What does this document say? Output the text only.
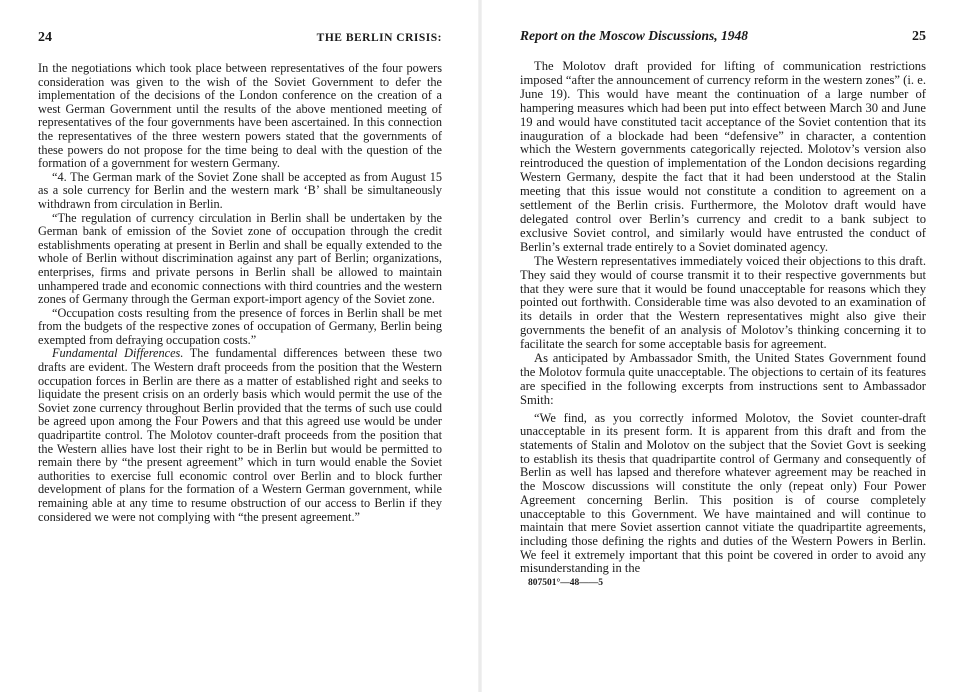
24	THE BERLIN CRISIS:

In the negotiations which took place between representatives of the four powers consideration was given to the wish of the Soviet Government to defer the implementation of the decisions of the London conference on the creation of a west German Government until the results of the above mentioned meeting of representatives of the four governments have been ascertained. In this connection the representatives of the three western powers stated that the governments of these powers do not propose for the time being to deal with the question of the formation of a government for western Germany.

“4. The German mark of the Soviet Zone shall be accepted as from August 15 as a sole currency for Berlin and the western mark ‘B’ shall be simultaneously withdrawn from circulation in Berlin.

“The regulation of currency circulation in Berlin shall be undertaken by the German bank of emission of the Soviet zone of occupation through the credit establishments operating at present in Berlin and shall be equally extended to the whole of Berlin without discrimination against any part of Berlin; organizations, enterprises, firms and private persons in Berlin shall be allowed to maintain unhampered trade and economic connections with third countries and the western zones of Germany through the German export-import agency of the Soviet zone.

“Occupation costs resulting from the presence of forces in Berlin shall be met from the budgets of the respective zones of occupation of Germany, Berlin being exempted from defraying occupation costs.”

Fundamental Differences. The fundamental differences between these two drafts are evident. The Western draft proceeds from the position that the Western occupation forces in Berlin are there as a matter of established right and seeks to liquidate the present crisis on an orderly basis which would permit the use of the Soviet zone currency throughout Berlin provided that the terms of such use could be agreed upon among the Four Powers and that this agreed use would be under quadripartite control. The Molotov counter-draft proceeds from the position that the Western allies have lost their right to be in Berlin but would be permitted to remain there by “the present agreement” which in turn would enable the Soviet authorities to exercise full economic control over Berlin and to block further development of plans for the formation of a Western German government, while remaining able at any time to resume obstruction of our access to Berlin if they considered we were not complying with “the present agreement.”

Report on the Moscow Discussions, 1948	25

The Molotov draft provided for lifting of communication restrictions imposed “after the announcement of currency reform in the western zones” (i. e. June 19). This would have meant the continuation of a large number of hampering measures which had been put into effect between March 30 and June 19 and would have constituted tacit acceptance of the Soviet contention that its inauguration of a blockade had been “defensive” in character, a contention which the Western governments categorically rejected. Molotov’s version also reintroduced the question of implementation of the London decisions regarding Western Germany, despite the fact that it had been understood at the Stalin meeting that this issue would not constitute a condition to agreement on a settlement of the Berlin crisis. Furthermore, the Molotov draft would have delegated control over Berlin’s currency and credit to a bank subject to exclusive Soviet control, and similarly would have entrusted the conduct of Berlin’s external trade entirely to a Soviet dominated agency.

The Western representatives immediately voiced their objections to this draft. They said they would of course transmit it to their respective governments but that they were sure that it would be found unacceptable for reasons which they pointed out forthwith. Considerable time was also devoted to an examination of its details in order that the Western representatives might also give their governments the benefit of an analysis of Molotov’s thinking concerning it to facilitate the search for some acceptable basis for agreement.

As anticipated by Ambassador Smith, the United States Government found the Molotov formula quite unacceptable. The objections to certain of its features are specified in the following excerpts from instructions sent to Ambassador Smith:

“We find, as you correctly informed Molotov, the Soviet counter-draft unacceptable in its present form. It is apparent from this draft and from the statements of Stalin and Molotov on the subject that the Soviet Govt is seeking to establish its thesis that quadripartite control of Germany and consequently of Berlin as well has lapsed and therefore whatever agreement may be reached in the Moscow discussions will constitute the only (repeat only) Four Power Agreement concerning Berlin. This position is of course completely unacceptable to this Government. We have maintained and will continue to maintain that mere Soviet assertion cannot vitiate the quadripartite agreements, including those defining the rights and duties of the Western Powers in Berlin. We feel it extremely important that this point be covered in order to avoid any misunderstanding in the

807501°—48——5
